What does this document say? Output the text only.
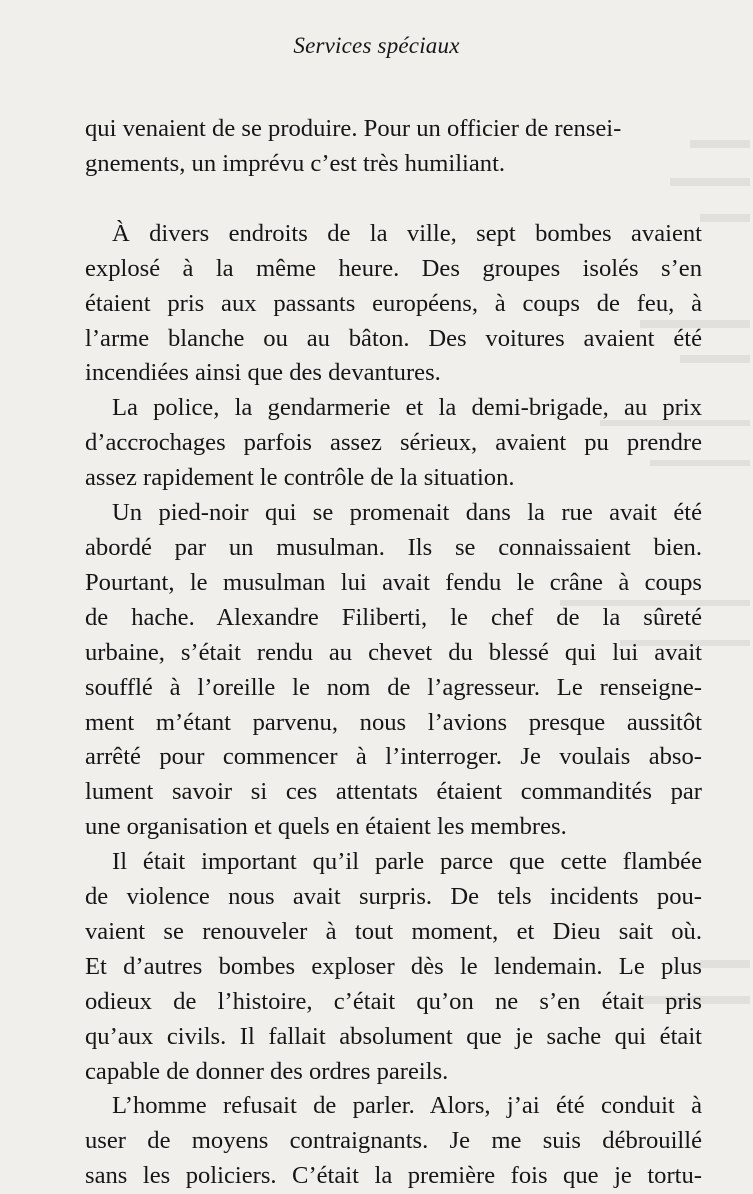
Services spéciaux

qui venaient de se produire. Pour un officier de rensei-
gnements, un imprévu c’est très humiliant.

À divers endroits de la ville, sept bombes avaient
explosé à la même heure. Des groupes isolés s’en
étaient pris aux passants européens, à coups de feu, à
l’arme blanche ou au bâton. Des voitures avaient été
incendiées ainsi que des devantures.

La police, la gendarmerie et la demi-brigade, au prix
d’accrochages parfois assez sérieux, avaient pu prendre
assez rapidement le contrôle de la situation.

Un pied-noir qui se promenait dans la rue avait été
abordé par un musulman. Ils se connaissaient bien.
Pourtant, le musulman lui avait fendu le crâne à coups
de hache. Alexandre Filiberti, le chef de la sûreté
urbaine, s’était rendu au chevet du blessé qui lui avait
soufflé à l’oreille le nom de l’agresseur. Le renseigne-
ment m’étant parvenu, nous l’avions presque aussitôt
arrêté pour commencer à l’interroger. Je voulais abso-
lument savoir si ces attentats étaient commandités par
une organisation et quels en étaient les membres.

Il était important qu’il parle parce que cette flambée
de violence nous avait surpris. De tels incidents pou-
vaient se renouveler à tout moment, et Dieu sait où.
Et d’autres bombes exploser dès le lendemain. Le plus
odieux de l’histoire, c’était qu’on ne s’en était pris
qu’aux civils. Il fallait absolument que je sache qui était
capable de donner des ordres pareils.

L’homme refusait de parler. Alors, j’ai été conduit à
user de moyens contraignants. Je me suis débrouillé
sans les policiers. C’était la première fois que je tortu-
